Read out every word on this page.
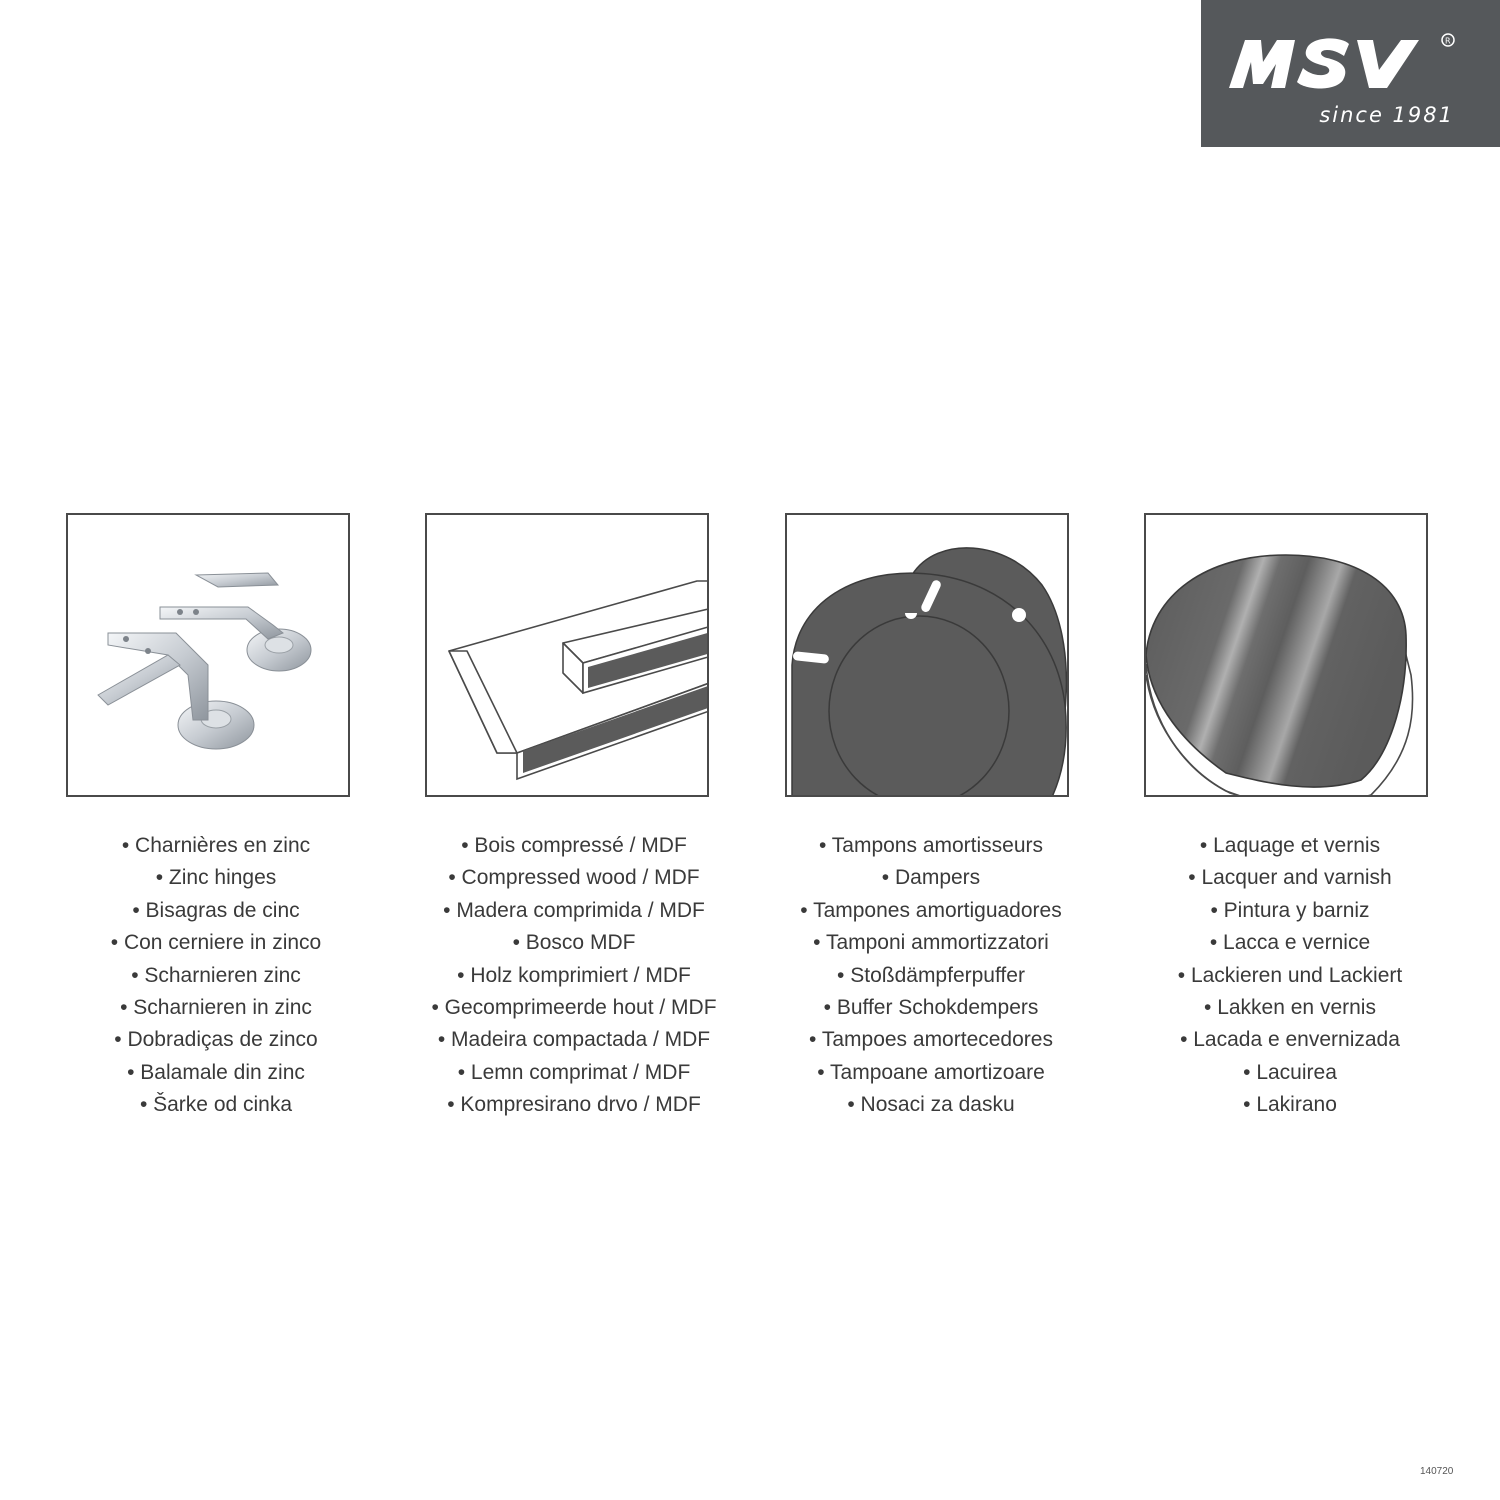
R
since 1981
• Charnières en zinc
• Zinc hinges
• Bisagras de cinc
• Con cerniere in zinco
• Scharnieren zinc
• Scharnieren in zinc
• Dobradiças de zinco
• Balamale din zinc
• Šarke od cinka
• Bois compressé / MDF
• Compressed wood / MDF
• Madera comprimida / MDF
• Bosco MDF
• Holz komprimiert / MDF
• Gecomprimeerde hout / MDF
• Madeira compactada / MDF
• Lemn comprimat / MDF
• Kompresirano drvo / MDF
• Tampons amortisseurs
• Dampers
• Tampones amortiguadores
• Tamponi ammortizzatori
• Stoßdämpferpuffer
• Buffer Schokdempers
• Tampoes amortecedores
• Tampoane amortizoare
• Nosaci za dasku
• Laquage et vernis
• Lacquer and varnish
• Pintura y barniz
• Lacca e vernice
• Lackieren und Lackiert
• Lakken en vernis
• Lacada e envernizada
• Lacuirea
• Lakirano
140720
